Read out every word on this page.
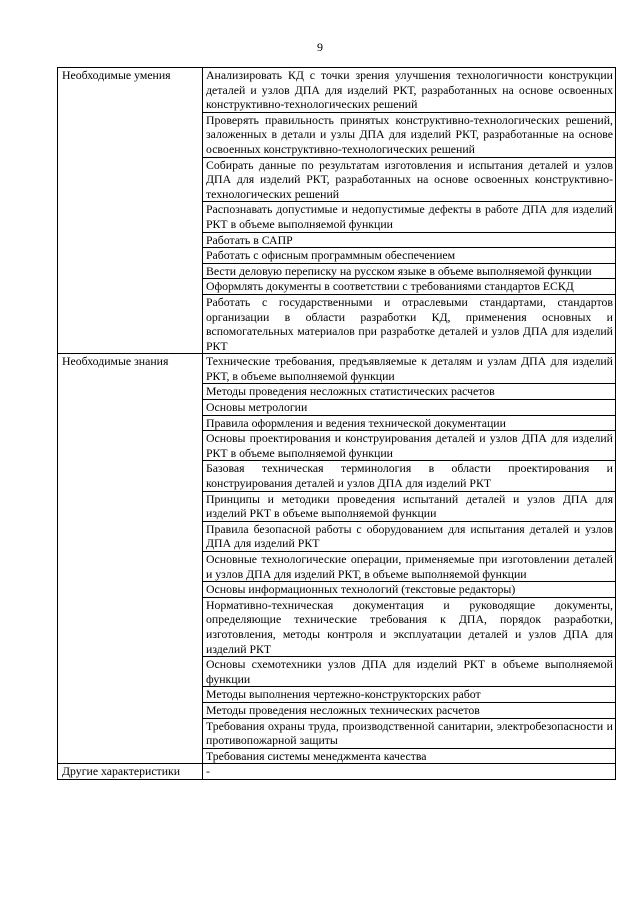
9
Необходимые умения	Анализировать КД с точки зрения улучшения технологичности конструкции деталей и узлов ДПА для изделий РКТ, разработанных на основе освоенных конструктивно-технологических решений
	Проверять правильность принятых конструктивно-технологических решений, заложенных в детали и узлы ДПА для изделий РКТ, разработанные на основе освоенных конструктивно-технологических решений
	Собирать данные по результатам изготовления и испытания деталей и узлов ДПА для изделий РКТ, разработанных на основе освоенных конструктивно-технологических решений
	Распознавать допустимые и недопустимые дефекты в работе ДПА для изделий РКТ в объеме выполняемой функции
	Работать в САПР
	Работать с офисным программным обеспечением
	Вести деловую переписку на русском языке в объеме выполняемой функции
	Оформлять документы в соответствии с требованиями стандартов ЕСКД
	Работать с государственными и отраслевыми стандартами, стандартов организации в области разработки КД, применения основных и вспомогательных материалов при разработке деталей и узлов ДПА для изделий РКТ
Необходимые знания	Технические требования, предъявляемые к деталям и узлам ДПА для изделий РКТ, в объеме выполняемой функции
	Методы проведения несложных статистических расчетов
	Основы метрологии
	Правила оформления и ведения технической документации
	Основы проектирования и конструирования деталей и узлов ДПА для изделий РКТ в объеме выполняемой функции
	Базовая техническая терминология в области проектирования и конструирования деталей и узлов ДПА для изделий РКТ
	Принципы и методики проведения испытаний деталей и узлов ДПА для изделий РКТ в объеме выполняемой функции
	Правила безопасной работы с оборудованием для испытания деталей и узлов ДПА для изделий РКТ
	Основные технологические операции, применяемые при изготовлении деталей и узлов ДПА для изделий РКТ, в объеме выполняемой функции
	Основы информационных технологий (текстовые редакторы)
	Нормативно-техническая документация и руководящие документы, определяющие технические требования к ДПА, порядок разработки, изготовления, методы контроля и эксплуатации деталей и узлов ДПА для изделий РКТ
	Основы схемотехники узлов ДПА для изделий РКТ в объеме выполняемой функции
	Методы выполнения чертежно-конструкторских работ
	Методы проведения несложных технических расчетов
	Требования охраны труда, производственной санитарии, электробезопасности и противопожарной защиты
	Требования системы менеджмента качества
Другие характеристики	-
